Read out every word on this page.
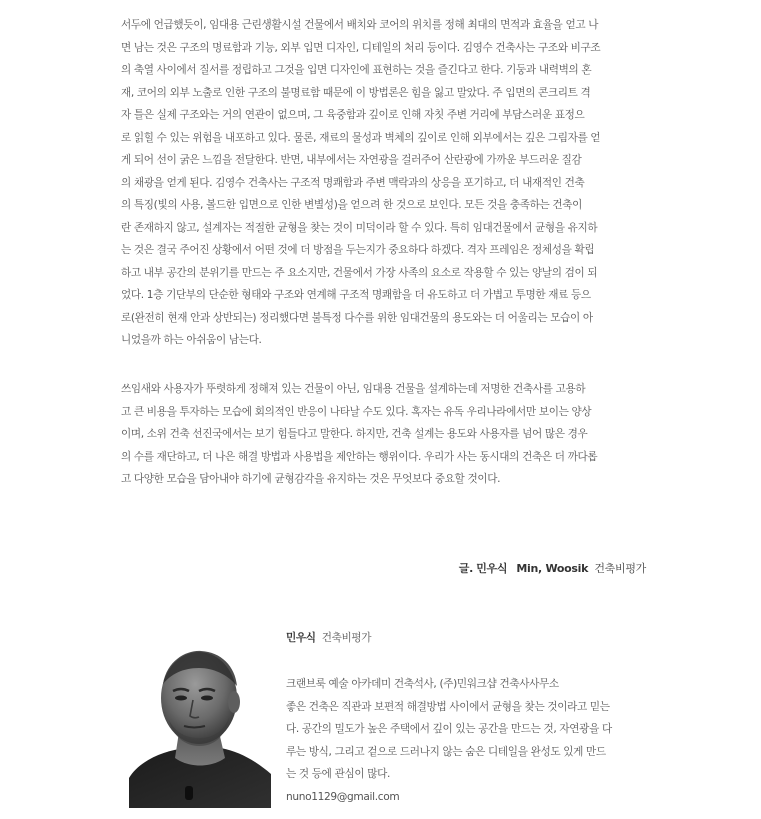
서두에 언급했듯이, 임대용 근린생활시설 건물에서 배치와 코어의 위치를 정해 최대의 면적과 효율을 얻고 나
면 남는 것은 구조의 명료함과 기능, 외부 입면 디자인, 디테일의 처리 등이다. 김영수 건축사는 구조와 비구조
의 축열 사이에서 질서를 정립하고 그것을 입면 디자인에 표현하는 것을 즐긴다고 한다. 기둥과 내력벽의 혼
재, 코어의 외부 노출로 인한 구조의 불명료함 때문에 이 방법론은 힘을 잃고 말았다. 주 입면의 콘크리트 격
자 틀은 실제 구조와는 거의 연관이 없으며, 그 육중함과 깊이로 인해 자칫 주변 거리에 부담스러운 표정으
로 읽힐 수 있는 위험을 내포하고 있다. 물론, 재료의 물성과 벽체의 깊이로 인해 외부에서는 깊은 그림자를 얻
게 되어 선이 굵은 느낌을 전달한다. 반면, 내부에서는 자연광을 걸러주어 산란광에 가까운 부드러운 질감
의 채광을 얻게 된다. 김영수 건축사는 구조적 명쾌함과 주변 맥락과의 상응을 포기하고, 더 내재적인 건축
의 특징(빛의 사용, 볼드한 입면으로 인한 변별성)을 얻으려 한 것으로 보인다. 모든 것을 충족하는 건축이
란 존재하지 않고, 설계자는 적절한 균형을 찾는 것이 미덕이라 할 수 있다. 특히 임대건물에서 균형을 유지하
는 것은 결국 주어진 상황에서 어떤 것에 더 방점을 두는지가 중요하다 하겠다. 격자 프레임은 정체성을 확립
하고 내부 공간의 분위기를 만드는 주 요소지만, 건물에서 가장 사족의 요소로 작용할 수 있는 양날의 검이 되
었다. 1층 기단부의 단순한 형태와 구조와 연계해 구조적 명쾌함을 더 유도하고 더 가볍고 투명한 재료 등으
로(완전히 현재 안과 상반되는) 정리했다면 불특정 다수를 위한 임대건물의 용도와는 더 어울리는 모습이 아
니었을까 하는 아쉬움이 남는다.

쓰임새와 사용자가 뚜렷하게 정해져 있는 건물이 아닌, 임대용 건물을 설계하는데 저명한 건축사를 고용하
고 큰 비용을 투자하는 모습에 회의적인 반응이 나타날 수도 있다. 혹자는 유독 우리나라에서만 보이는 양상
이며, 소위 건축 선진국에서는 보기 힘들다고 말한다. 하지만, 건축 설계는 용도와 사용자를 넘어 많은 경우
의 수를 재단하고, 더 나은 해결 방법과 사용법을 제안하는 행위이다. 우리가 사는 동시대의 건축은 더 까다롭
고 다양한 모습을 담아내야 하기에 균형감각을 유지하는 것은 무엇보다 중요할 것이다.

글. 민우식 Min, Woosik 건축비평가
민우식 건축비평가
크랜브룩 예술 아카데미 건축석사, (주)민워크샵 건축사사무소
좋은 건축은 직관과 보편적 해결방법 사이에서 균형을 찾는 것이라고 믿는
다. 공간의 밀도가 높은 주택에서 깊이 있는 공간을 만드는 것, 자연광을 다
루는 방식, 그리고 겉으로 드러나지 않는 숨은 디테일을 완성도 있게 만드
는 것 등에 관심이 많다.
nuno1129@gmail.com
